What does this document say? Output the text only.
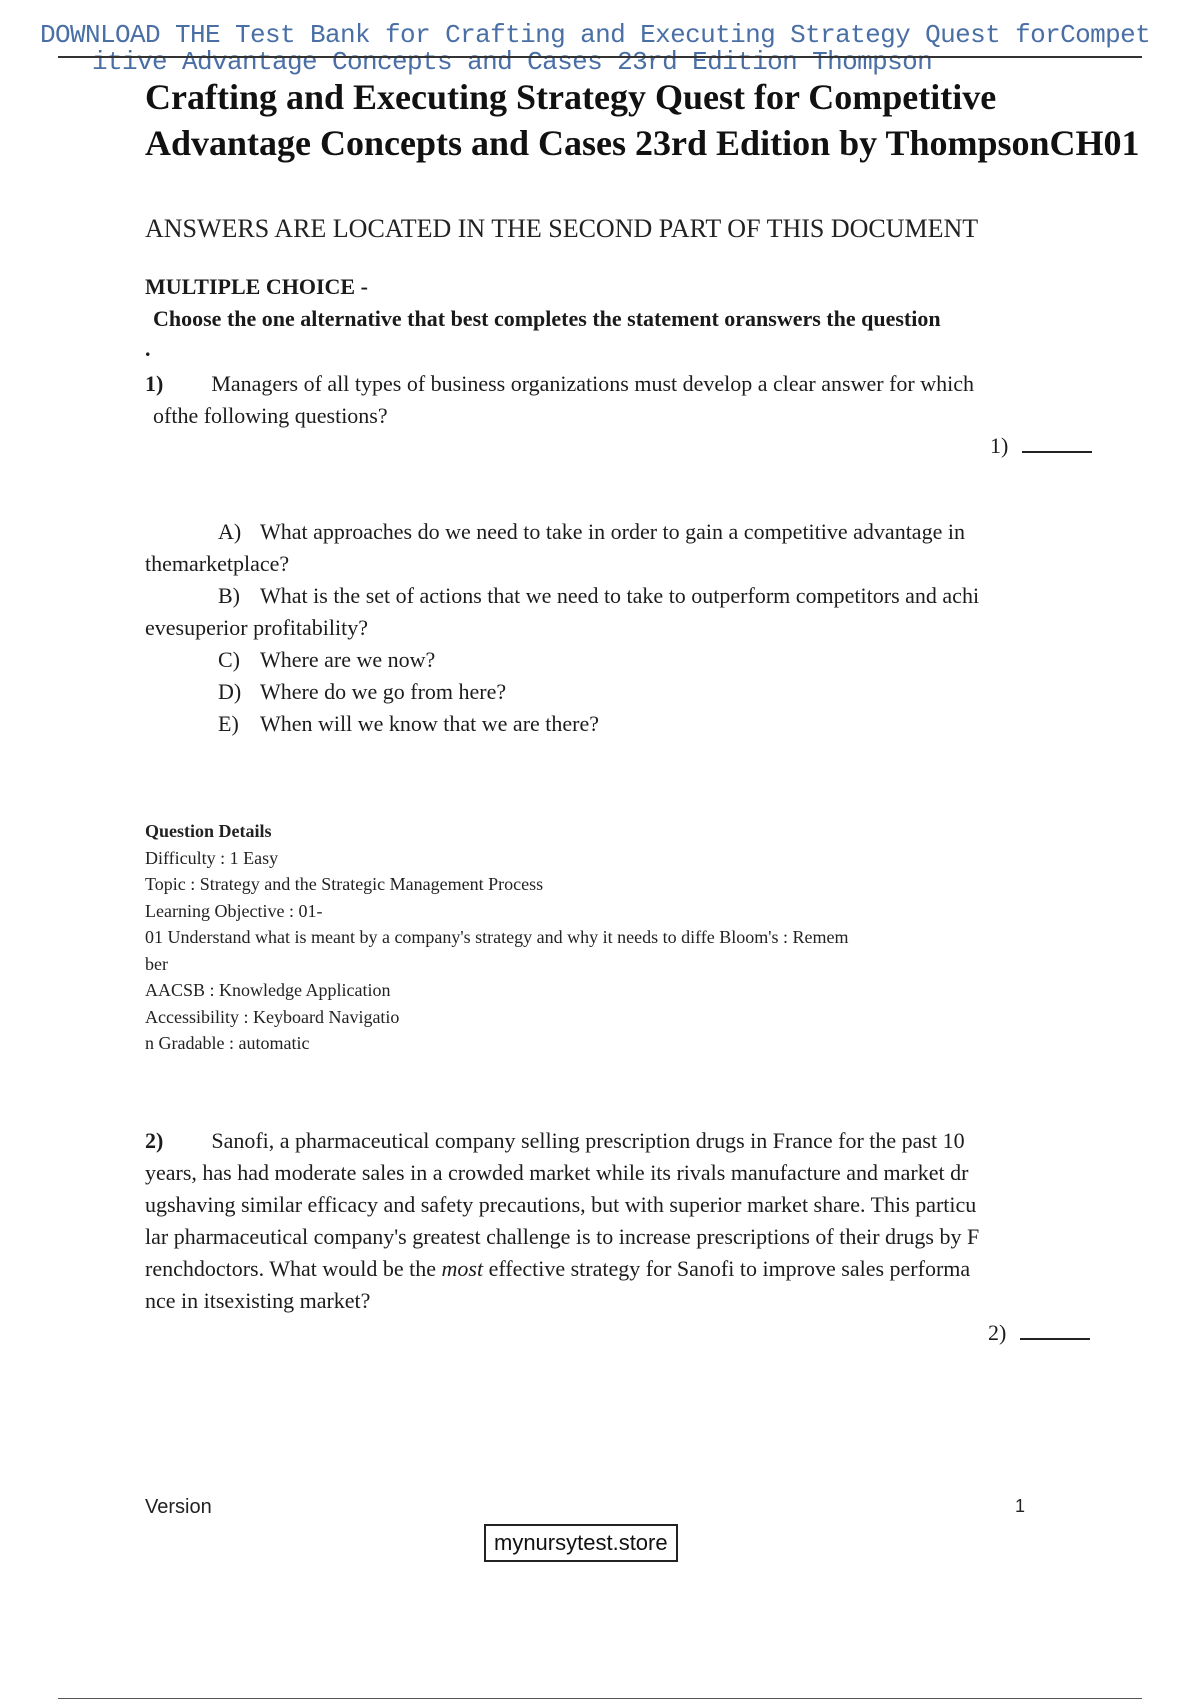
DOWNLOAD THE Test Bank for Crafting and Executing Strategy Quest forCompet
itive Advantage Concepts and Cases 23rd Edition Thompson
Crafting and Executing Strategy Quest for Competitive
Advantage Concepts and Cases 23rd Edition by ThompsonCH01
ANSWERS ARE LOCATED IN THE SECOND PART OF THIS DOCUMENT
MULTIPLE CHOICE -
Choose the one alternative that best completes the statement oranswers the question
.
1) Managers of all types of business organizations must develop a clear answer for which
ofthe following questions?
1)
A) What approaches do we need to take in order to gain a competitive advantage in
themarketplace?
B) What is the set of actions that we need to take to outperform competitors and achi
evesuperior profitability?
C) Where are we now?
D) Where do we go from here?
E) When will we know that we are there?
Question Details
Difficulty : 1 Easy
Topic : Strategy and the Strategic Management Process
Learning Objective : 01-
01 Understand what is meant by a company's strategy and why it needs to diffe Bloom's : Remem
ber
AACSB : Knowledge Application
Accessibility : Keyboard Navigatio
n Gradable : automatic
2) Sanofi, a pharmaceutical company selling prescription drugs in France for the past 10
years, has had moderate sales in a crowded market while its rivals manufacture and market dr
ugshaving similar efficacy and safety precautions, but with superior market share. This particu
lar pharmaceutical company's greatest challenge is to increase prescriptions of their drugs by F
renchdoctors. What would be the most effective strategy for Sanofi to improve sales performa
nce in itsexisting market?
2)
Version	1
mynursytest.store
